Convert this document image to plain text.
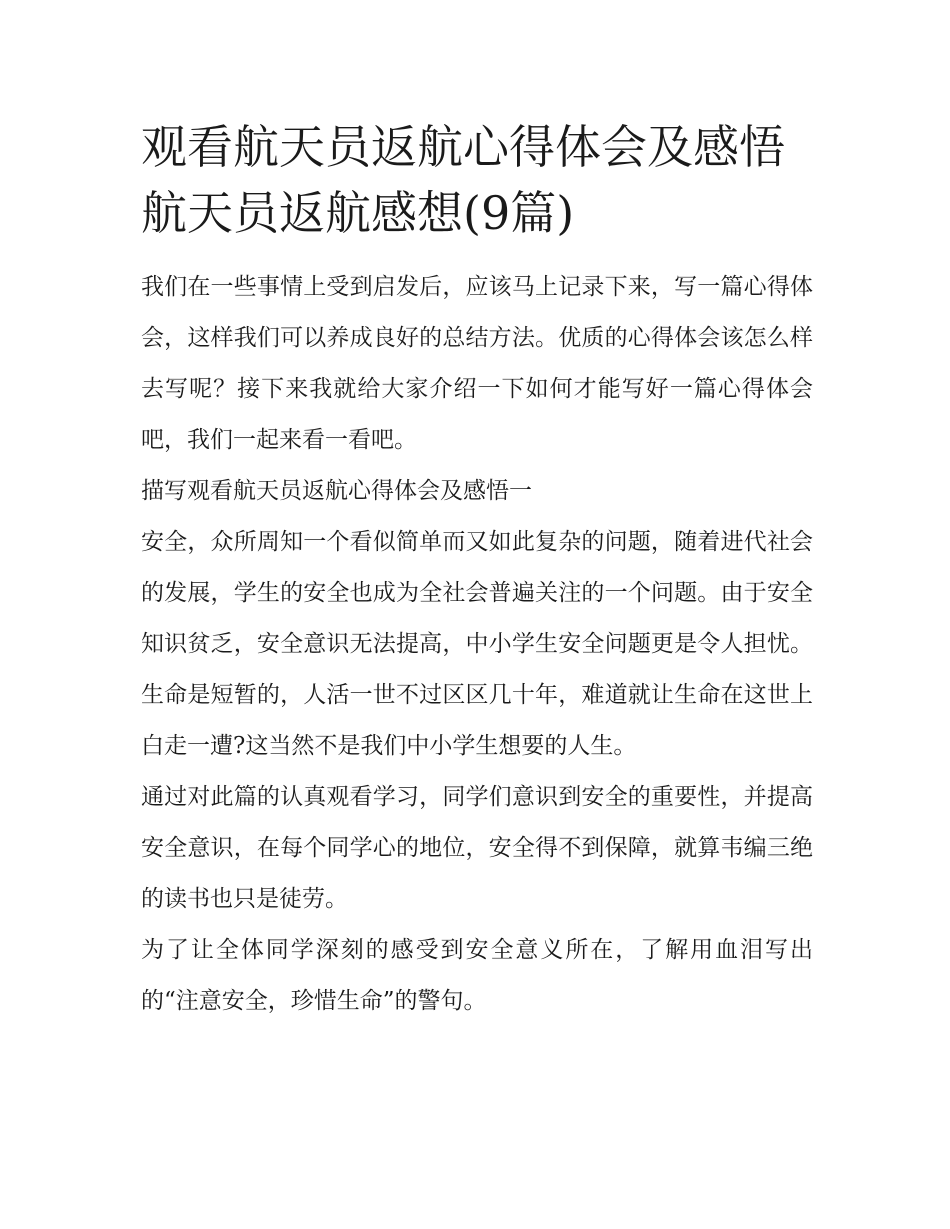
观看航天员返航心得体会及感悟 航天员返航感想(9篇)

我们在一些事情上受到启发后，应该马上记录下来，写一篇心得体会，这样我们可以养成良好的总结方法。优质的心得体会该怎么样去写呢？接下来我就给大家介绍一下如何才能写好一篇心得体会吧，我们一起来看一看吧。

描写观看航天员返航心得体会及感悟一

安全，众所周知一个看似简单而又如此复杂的问题，随着进代社会的发展，学生的安全也成为全社会普遍关注的一个问题。由于安全知识贫乏，安全意识无法提高，中小学生安全问题更是令人担忧。生命是短暂的，人活一世不过区区几十年，难道就让生命在这世上白走一遭?这当然不是我们中小学生想要的人生。

通过对此篇的认真观看学习，同学们意识到安全的重要性，并提高安全意识，在每个同学心的地位，安全得不到保障，就算韦编三绝的读书也只是徒劳。

为了让全体同学深刻的感受到安全意义所在，了解用血泪写出的“注意安全，珍惜生命”的警句。
